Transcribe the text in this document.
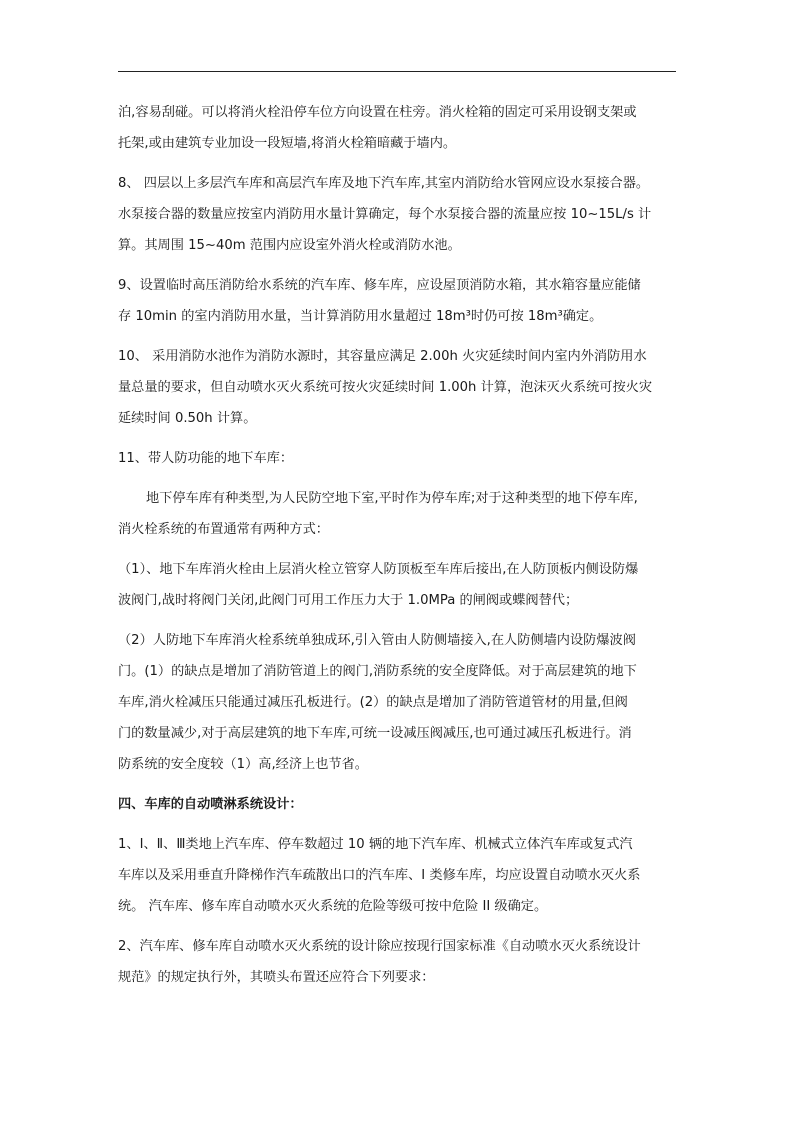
泊,容易刮碰。可以将消火栓沿停车位方向设置在柱旁。消火栓箱的固定可采用设钢支架或
托架,或由建筑专业加设一段短墙,将消火栓箱暗藏于墙内。

8、 四层以上多层汽车库和高层汽车库及地下汽车库,其室内消防给水管网应设水泵接合器。
水泵接合器的数量应按室内消防用水量计算确定，每个水泵接合器的流量应按 10~15L/s 计
算。其周围 15~40m 范围内应设室外消火栓或消防水池。

9、设置临时高压消防给水系统的汽车库、修车库，应设屋顶消防水箱，其水箱容量应能储
存 10min 的室内消防用水量，当计算消防用水量超过 18m³时仍可按 18m³确定。

10、 采用消防水池作为消防水源时，其容量应满足 2.00h 火灾延续时间内室内外消防用水
量总量的要求，但自动喷水灭火系统可按火灾延续时间 1.00h 计算，泡沫灭火系统可按火灾
延续时间 0.50h 计算。

11、带人防功能的地下车库：

地下停车库有种类型,为人民防空地下室,平时作为停车库;对于这种类型的地下停车库,
消火栓系统的布置通常有两种方式：

（1）、地下车库消火栓由上层消火栓立管穿人防顶板至车库后接出,在人防顶板内侧设防爆
波阀门,战时将阀门关闭,此阀门可用工作压力大于 1.0MPa 的闸阀或蝶阀替代；

（2）人防地下车库消火栓系统单独成环,引入管由人防侧墙接入,在人防侧墙内设防爆波阀
门。(1）的缺点是增加了消防管道上的阀门,消防系统的安全度降低。对于高层建筑的地下
车库,消火栓减压只能通过减压孔板进行。(2）的缺点是增加了消防管道管材的用量,但阀
门的数量减少,对于高层建筑的地下车库,可统一设减压阀减压,也可通过减压孔板进行。消
防系统的安全度较（1）高,经济上也节省。

四、车库的自动喷淋系统设计：

1、Ⅰ、Ⅱ、Ⅲ类地上汽车库、停车数超过 10 辆的地下汽车库、机械式立体汽车库或复式汽
车库以及采用垂直升降梯作汽车疏散出口的汽车库、I 类修车库，均应设置自动喷水灭火系
统。 汽车库、修车库自动喷水灭火系统的危险等级可按中危险 II 级确定。

2、汽车库、修车库自动喷水灭火系统的设计除应按现行国家标准《自动喷水灭火系统设计
规范》的规定执行外，其喷头布置还应符合下列要求：
